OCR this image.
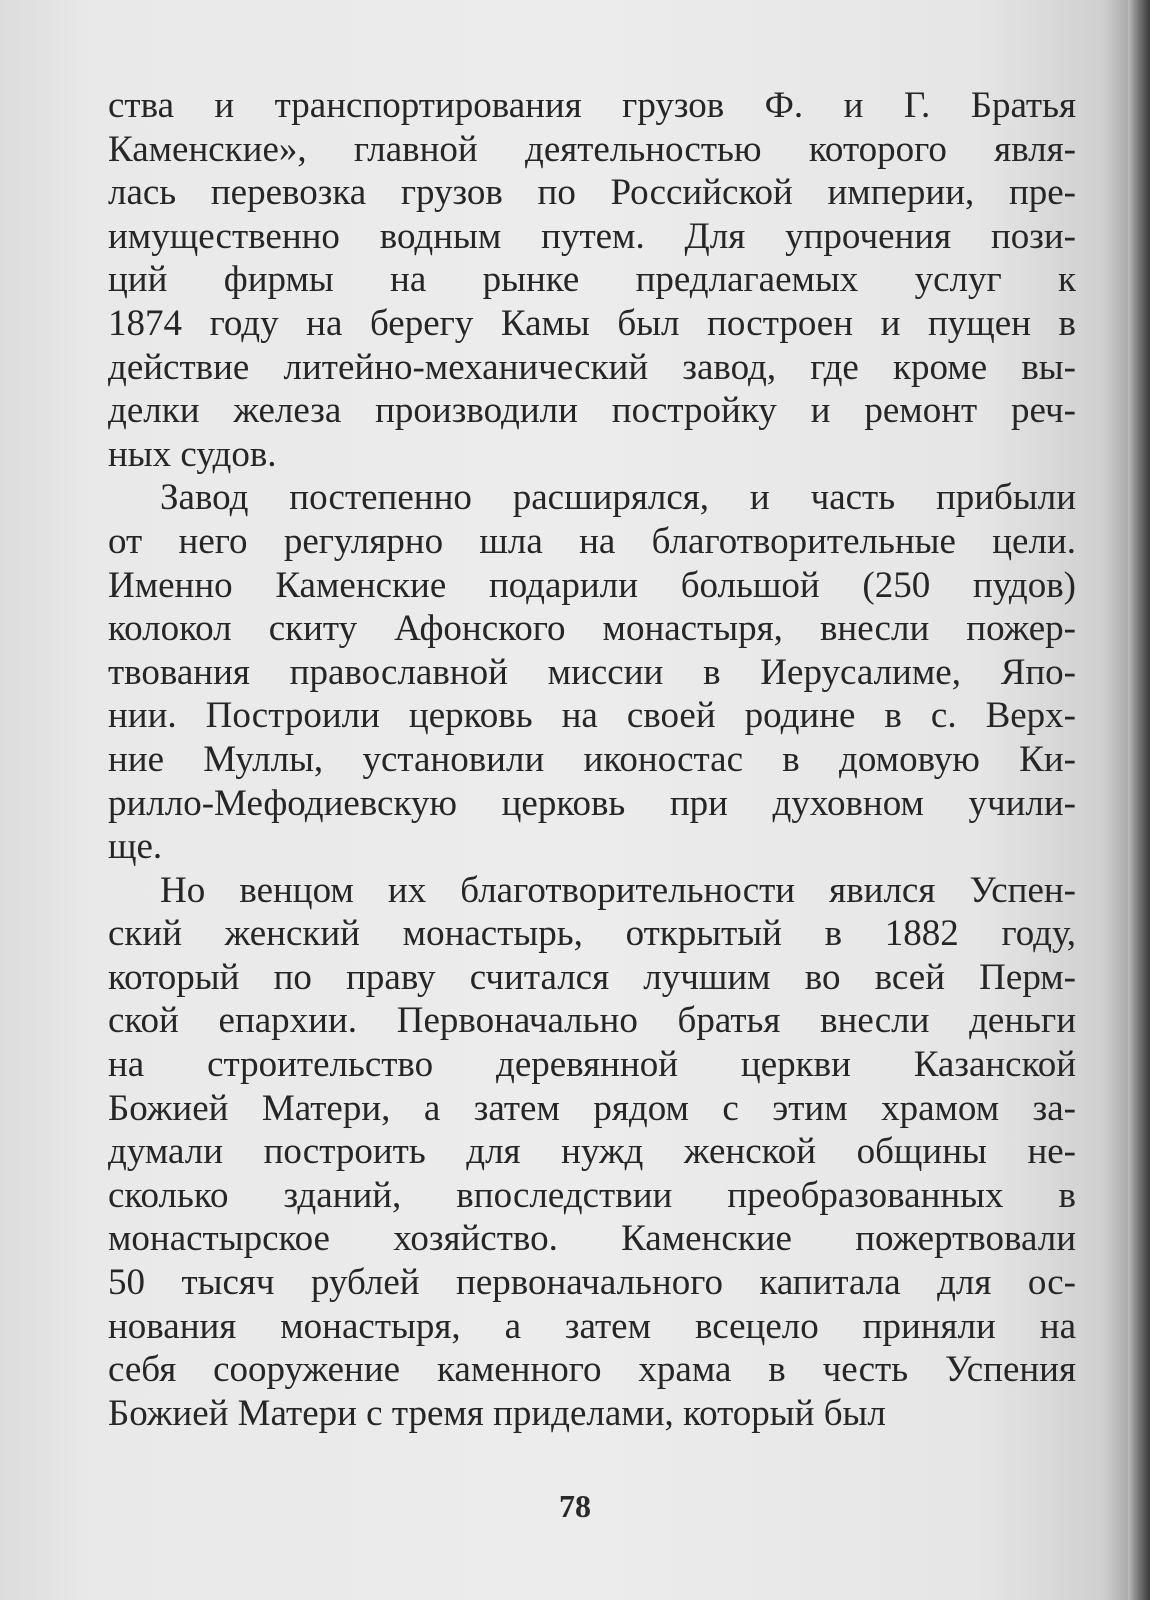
ства и транспортирования грузов Ф. и Г. Братья
Каменские», главной деятельностью которого явля-
лась перевозка грузов по Российской империи, пре-
имущественно водным путем. Для упрочения пози-
ций фирмы на рынке предлагаемых услуг к
1874 году на берегу Камы был построен и пущен в
действие литейно-механический завод, где кроме вы-
делки железа производили постройку и ремонт реч-
ных судов.
Завод постепенно расширялся, и часть прибыли
от него регулярно шла на благотворительные цели.
Именно Каменские подарили большой (250 пудов)
колокол скиту Афонского монастыря, внесли пожер-
твования православной миссии в Иерусалиме, Япо-
нии. Построили церковь на своей родине в с. Верх-
ние Муллы, установили иконостас в домовую Ки-
рилло-Мефодиевскую церковь при духовном учили-
ще.
Но венцом их благотворительности явился Успен-
ский женский монастырь, открытый в 1882 году,
который по праву считался лучшим во всей Перм-
ской епархии. Первоначально братья внесли деньги
на строительство деревянной церкви Казанской
Божией Матери, а затем рядом с этим храмом за-
думали построить для нужд женской общины не-
сколько зданий, впоследствии преобразованных в
монастырское хозяйство. Каменские пожертвовали
50 тысяч рублей первоначального капитала для ос-
нования монастыря, а затем всецело приняли на
себя сооружение каменного храма в честь Успения
Божией Матери с тремя приделами, который был
78
